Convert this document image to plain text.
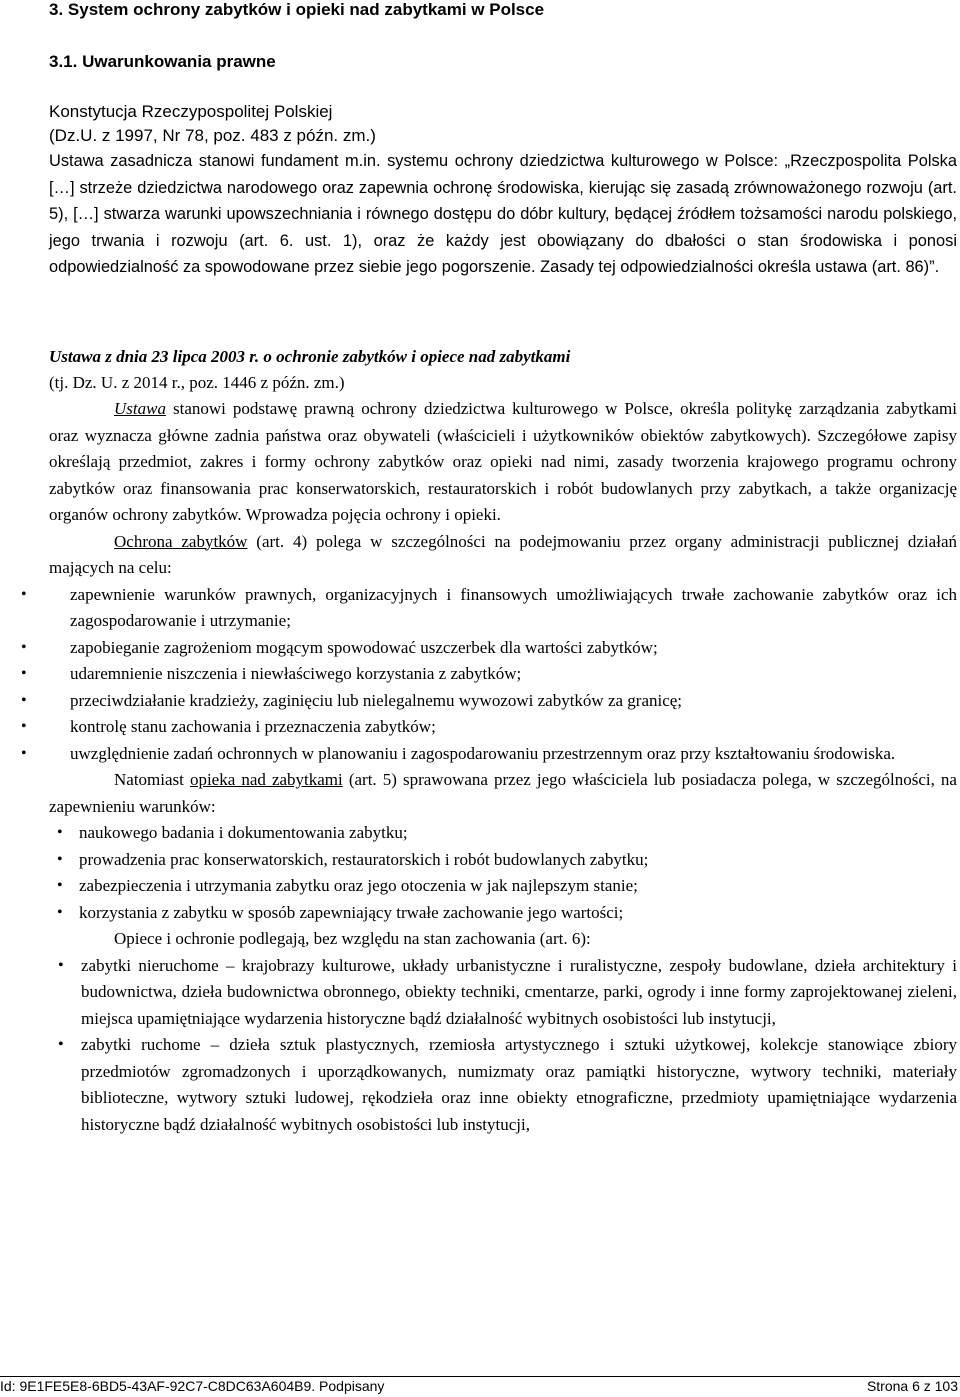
3. System ochrony zabytków i opieki nad zabytkami w Polsce
3.1. Uwarunkowania prawne
Konstytucja Rzeczypospolitej Polskiej
(Dz.U. z 1997, Nr 78, poz. 483 z późn. zm.)
Ustawa zasadnicza stanowi fundament m.in. systemu ochrony dziedzictwa kulturowego w Polsce: „Rzeczpospolita Polska […] strzeże dziedzictwa narodowego oraz zapewnia ochronę środowiska, kierując się zasadą zrównoważonego rozwoju (art. 5), […] stwarza warunki upowszechniania i równego dostępu do dóbr kultury, będącej źródłem tożsamości narodu polskiego, jego trwania i rozwoju (art. 6. ust. 1), oraz że każdy jest obowiązany do dbałości o stan środowiska i ponosi odpowiedzialność za spowodowane przez siebie jego pogorszenie. Zasady tej odpowiedzialności określa ustawa (art. 86)”.
Ustawa z dnia 23 lipca 2003 r. o ochronie zabytków i opiece nad zabytkami
(tj. Dz. U. z 2014 r., poz. 1446 z późn. zm.)
Ustawa stanowi podstawę prawną ochrony dziedzictwa kulturowego w Polsce, określa politykę zarządzania zabytkami oraz wyznacza główne zadnia państwa oraz obywateli (właścicieli i użytkowników obiektów zabytkowych). Szczegółowe zapisy określają przedmiot, zakres i formy ochrony zabytków oraz opieki nad nimi, zasady tworzenia krajowego programu ochrony zabytków oraz finansowania prac konserwatorskich, restauratorskich i robót budowlanych przy zabytkach, a także organizację organów ochrony zabytków. Wprowadza pojęcia ochrony i opieki.
Ochrona zabytków (art. 4) polega w szczególności na podejmowaniu przez organy administracji publicznej działań mających na celu:
• zapewnienie warunków prawnych, organizacyjnych i finansowych umożliwiających trwałe zachowanie zabytków oraz ich zagospodarowanie i utrzymanie;
• zapobieganie zagrożeniom mogącym spowodować uszczerbek dla wartości zabytków;
• udaremnienie niszczenia i niewłaściwego korzystania z zabytków;
• przeciwdziałanie kradzieży, zaginięciu lub nielegalnemu wywozowi zabytków za granicę;
• kontrolę stanu zachowania i przeznaczenia zabytków;
• uwzględnienie zadań ochronnych w planowaniu i zagospodarowaniu przestrzennym oraz przy kształtowaniu środowiska.
Natomiast opieka nad zabytkami (art. 5) sprawowana przez jego właściciela lub posiadacza polega, w szczególności, na zapewnieniu warunków:
• naukowego badania i dokumentowania zabytku;
• prowadzenia prac konserwatorskich, restauratorskich i robót budowlanych zabytku;
• zabezpieczenia i utrzymania zabytku oraz jego otoczenia w jak najlepszym stanie;
• korzystania z zabytku w sposób zapewniający trwałe zachowanie jego wartości;
Opiece i ochronie podlegają, bez względu na stan zachowania (art. 6):
• zabytki nieruchome – krajobrazy kulturowe, układy urbanistyczne i ruralistyczne, zespoły budowlane, dzieła architektury i budownictwa, dzieła budownictwa obronnego, obiekty techniki, cmentarze, parki, ogrody i inne formy zaprojektowanej zieleni, miejsca upamiętniające wydarzenia historyczne bądź działalność wybitnych osobistości lub instytucji,
• zabytki ruchome – dzieła sztuk plastycznych, rzemiosła artystycznego i sztuki użytkowej, kolekcje stanowiące zbiory przedmiotów zgromadzonych i uporządkowanych, numizmaty oraz pamiątki historyczne, wytwory techniki, materiały biblioteczne, wytwory sztuki ludowej, rękodzieła oraz inne obiekty etnograficzne, przedmioty upamiętniające wydarzenia historyczne bądź działalność wybitnych osobistości lub instytucji,
Id: 9E1FE5E8-6BD5-43AF-92C7-C8DC63A604B9. Podpisany	Strona 6 z 103
